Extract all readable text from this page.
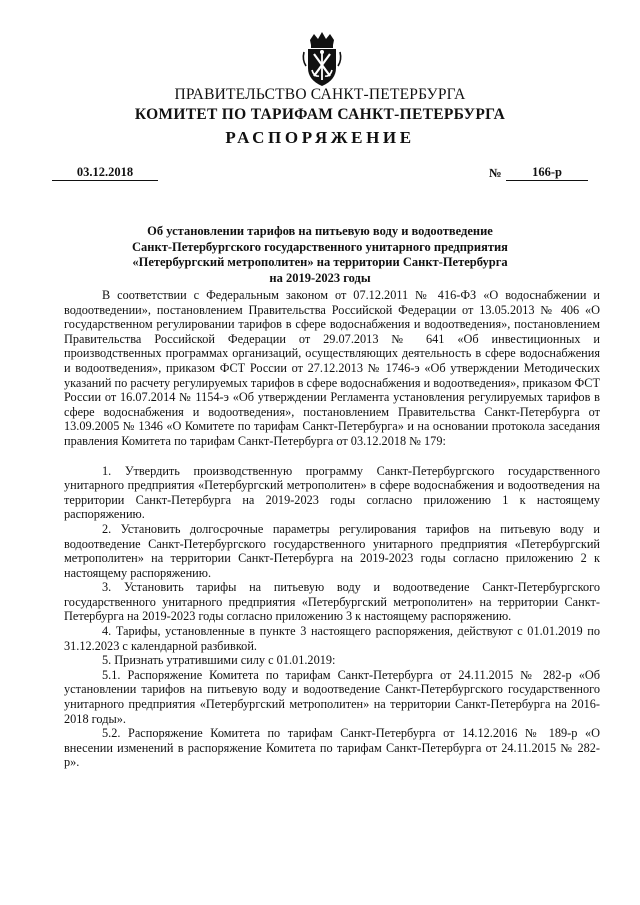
ПРАВИТЕЛЬСТВО САНКТ-ПЕТЕРБУРГА
КОМИТЕТ ПО ТАРИФАМ САНКТ-ПЕТЕРБУРГА
РАСПОРЯЖЕНИЕ
03.12.2018	№	166-р
Об установлении тарифов на питьевую воду и водоотведение
Санкт-Петербургского государственного унитарного предприятия
«Петербургский метрополитен» на территории Санкт-Петербурга
на 2019-2023 годы

В соответствии с Федеральным законом от 07.12.2011 № 416-ФЗ «О водоснабжении и водоотведении», постановлением Правительства Российской Федерации от 13.05.2013 № 406 «О государственном регулировании тарифов в сфере водоснабжения и водоотведения», постановлением Правительства Российской Федерации от 29.07.2013 № 641 «Об инвестиционных и производственных программах организаций, осуществляющих деятельность в сфере водоснабжения и водоотведения», приказом ФСТ России от 27.12.2013 № 1746-э «Об утверждении Методических указаний по расчету регулируемых тарифов в сфере водоснабжения и водоотведения», приказом ФСТ России от 16.07.2014 № 1154-э «Об утверждении Регламента установления регулируемых тарифов в сфере водоснабжения и водоотведения», постановлением Правительства Санкт-Петербурга от 13.09.2005 № 1346 «О Комитете по тарифам Санкт-Петербурга» и на основании протокола заседания правления Комитета по тарифам Санкт-Петербурга от 03.12.2018 № 179:

1. Утвердить производственную программу Санкт-Петербургского государственного унитарного предприятия «Петербургский метрополитен» в сфере водоснабжения и водоотведения на территории Санкт-Петербурга на 2019-2023 годы согласно приложению 1 к настоящему распоряжению.

2. Установить долгосрочные параметры регулирования тарифов на питьевую воду и водоотведение Санкт-Петербургского государственного унитарного предприятия «Петербургский метрополитен» на территории Санкт-Петербурга на 2019-2023 годы согласно приложению 2 к настоящему распоряжению.

3. Установить тарифы на питьевую воду и водоотведение Санкт-Петербургского государственного унитарного предприятия «Петербургский метрополитен» на территории Санкт-Петербурга на 2019-2023 годы согласно приложению 3 к настоящему распоряжению.

4. Тарифы, установленные в пункте 3 настоящего распоряжения, действуют с 01.01.2019 по 31.12.2023 с календарной разбивкой.

5. Признать утратившими силу с 01.01.2019:

5.1. Распоряжение Комитета по тарифам Санкт-Петербурга от 24.11.2015 № 282-р «Об установлении тарифов на питьевую воду и водоотведение Санкт-Петербургского государственного унитарного предприятия «Петербургский метрополитен» на территории Санкт-Петербурга на 2016-2018 годы».

5.2. Распоряжение Комитета по тарифам Санкт-Петербурга от 14.12.2016 № 189-р «О внесении изменений в распоряжение Комитета по тарифам Санкт-Петербурга от 24.11.2015 № 282-р».
